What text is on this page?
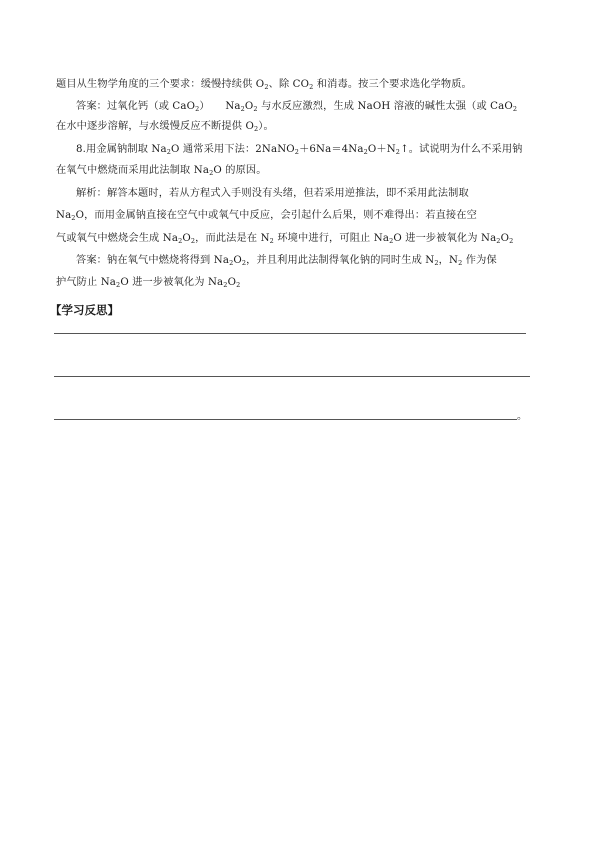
题目从生物学角度的三个要求：缓慢持续供 $O_2$、除 $CO_2$ 和消毒。按三个要求选化学物质。
答案：过氧化钙（或 CaO$_2$）　　$Na_2O_2$ 与水反应激烈，生成 NaOH 溶液的碱性太强（或 CaO$_2$
在水中逐步溶解，与水缓慢反应不断提供 $O_2$）。
8.用金属钠制取 $Na_2O$ 通常采用下法：$2NaNO_2+6Na=4Na_2O+N_2↑$。试说明为什么不采用钠
在氧气中燃烧而采用此法制取 $Na_2O$ 的原因。
解析：解答本题时，若从方程式入手则没有头绪，但若采用逆推法，即不采用此法制取
$Na_2O$，而用金属钠直接在空气中或氧气中反应，会引起什么后果，则不难得出：若直接在空
气或氧气中燃烧会生成 $Na_2O_2$，而此法是在 $N_2$ 环境中进行，可阻止 $Na_2O$ 进一步被氧化为 $Na_2O_2$
答案：钠在氧气中燃烧将得到 $Na_2O_2$，并且利用此法制得氧化钠的同时生成 $N_2$，$N_2$ 作为保
护气防止 $Na_2O$ 进一步被氧化为 $Na_2O_2$
【学习反思】
。
